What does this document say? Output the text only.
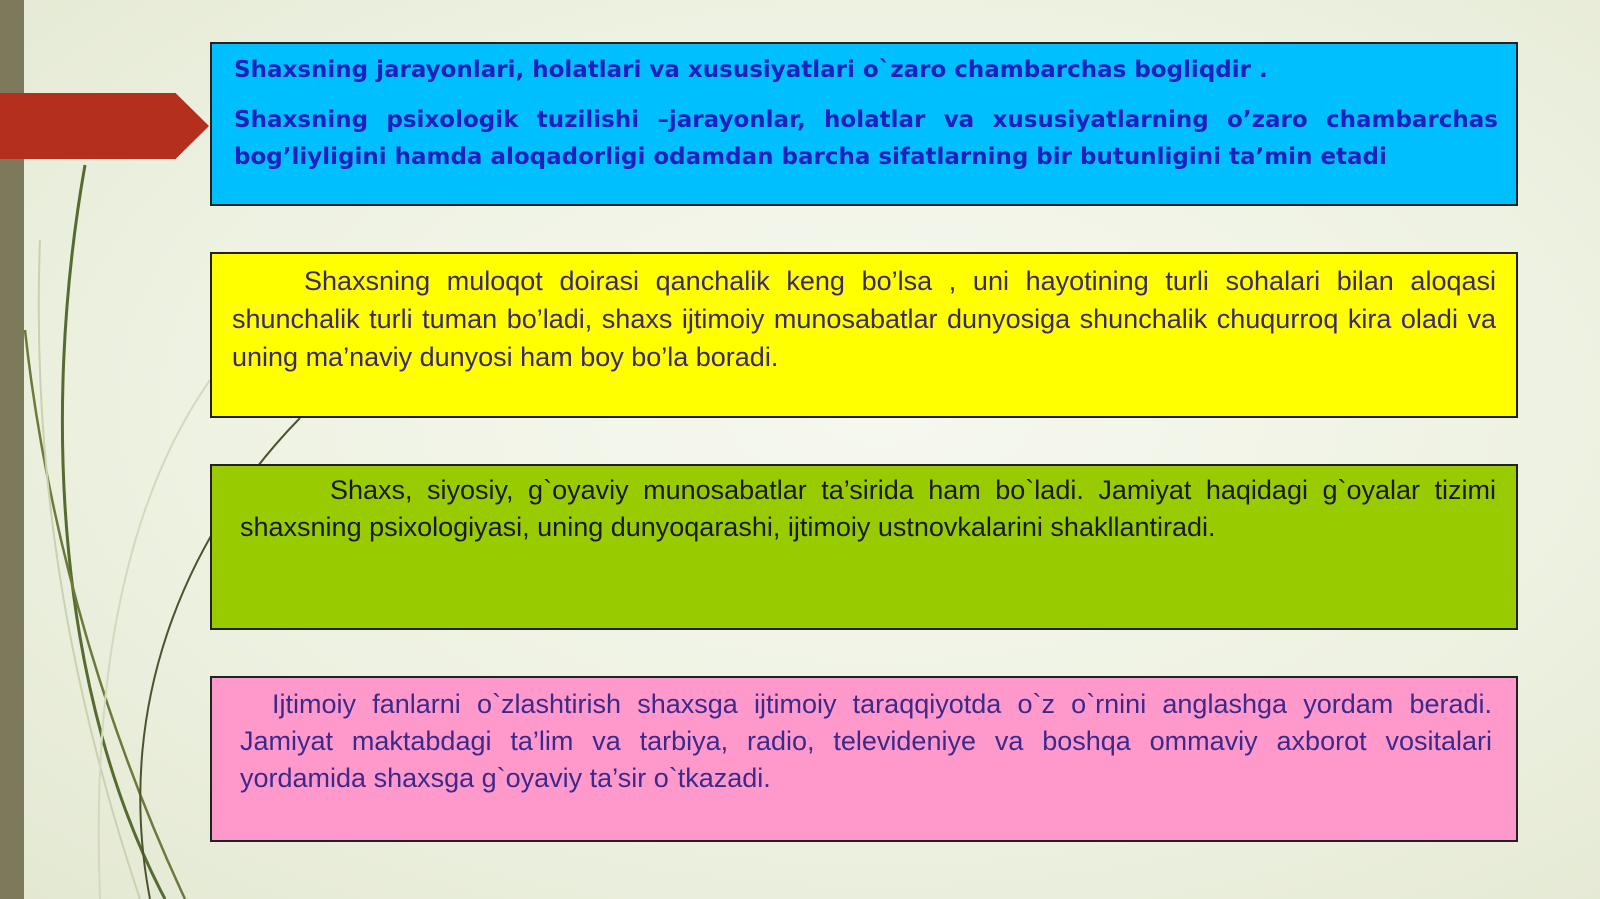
Shaxsning jarayonlari, holatlari va xususiyatlari o`zaro chambarchas bogliqdir .

Shaxsning psixologik tuzilishi –jarayonlar, holatlar va xususiyatlarning o’zaro chambarchas bog’liyligini hamda aloqadorligi odamdan barcha sifatlarning bir butunligini ta’min etadi

Shaxsning muloqot doirasi qanchalik keng bo’lsa , uni hayotining turli sohalari bilan aloqasi shunchalik turli tuman bo’ladi, shaxs ijtimoiy munosabatlar dunyosiga shunchalik chuqurroq kira oladi va uning ma’naviy dunyosi ham boy bo’la boradi.

Shaxs, siyosiy, g`oyaviy munosabatlar ta’sirida ham bo`ladi. Jamiyat haqidagi g`oyalar tizimi shaxsning psixologiyasi, uning dunyoqarashi, ijtimoiy ustnovkalarini shakllantiradi.

Ijtimoiy fanlarni o`zlashtirish shaxsga ijtimoiy taraqqiyotda o`z o`rnini anglashga yordam beradi. Jamiyat maktabdagi ta’lim va tarbiya, radio, televideniye va boshqa ommaviy axborot vositalari yordamida shaxsga g`oyaviy ta’sir o`tkazadi.
